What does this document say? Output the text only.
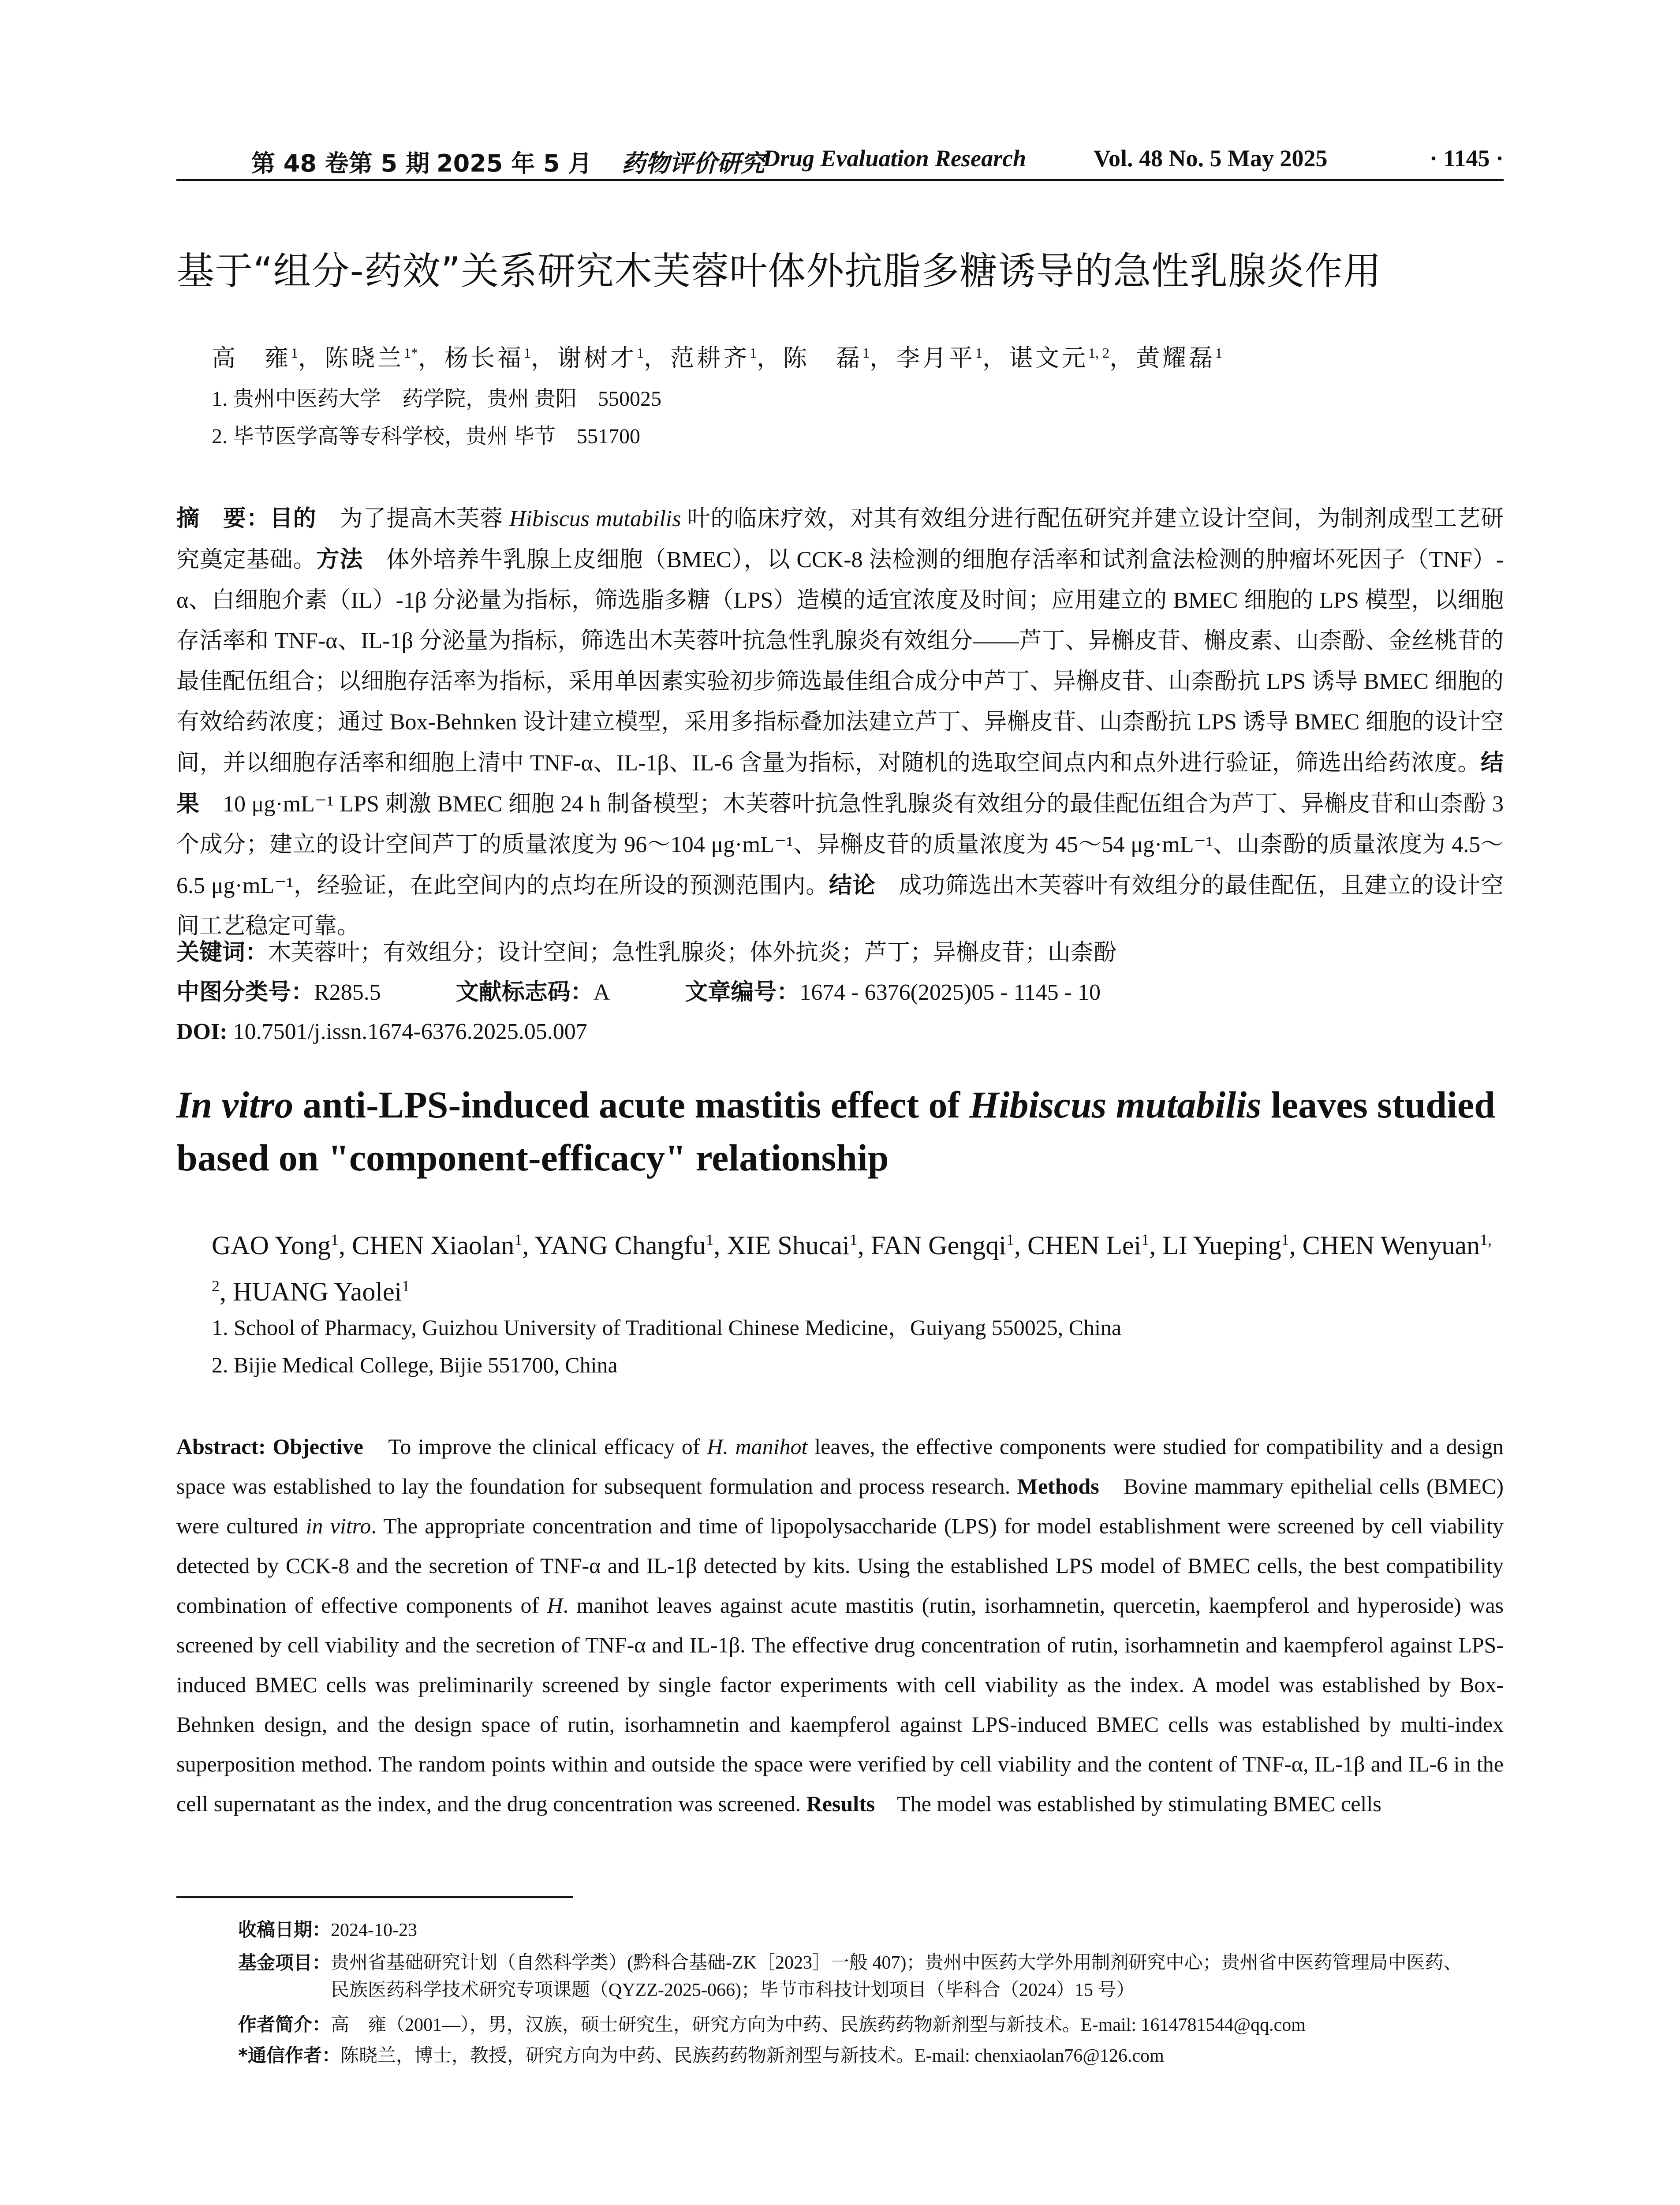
第 48 卷第 5 期 2025 年 5 月 药物评价研究
Drug Evaluation Research	Vol. 48 No. 5 May 2025	· 1145 ·
基于“组分-药效”关系研究木芙蓉叶体外抗脂多糖诱导的急性乳腺炎作用
高　雍$^1$，陈晓兰$^{1*}$，杨长福$^1$，谢树才$^1$，范耕齐$^1$，陈　磊$^1$，李月平$^1$，谌文元$^{1, 2}$，黄耀磊$^1$
1. 贵州中医药大学　药学院，贵州 贵阳　550025
2. 毕节医学高等专科学校，贵州 毕节　551700
摘　要：目的　为了提高木芙蓉 Hibiscus mutabilis 叶的临床疗效，对其有效组分进行配伍研究并建立设计空间，为制剂成型工艺研究奠定基础。方法　体外培养牛乳腺上皮细胞（BMEC），以 CCK-8 法检测的细胞存活率和试剂盒法检测的肿瘤坏死因子（TNF）-α、白细胞介素（IL）-1β 分泌量为指标，筛选脂多糖（LPS）造模的适宜浓度及时间；应用建立的 BMEC 细胞的 LPS 模型，以细胞存活率和 TNF-α、IL-1β 分泌量为指标，筛选出木芙蓉叶抗急性乳腺炎有效组分——芦丁、异槲皮苷、槲皮素、山柰酚、金丝桃苷的最佳配伍组合；以细胞存活率为指标，采用单因素实验初步筛选最佳组合成分中芦丁、异槲皮苷、山柰酚抗 LPS 诱导 BMEC 细胞的有效给药浓度；通过 Box-Behnken 设计建立模型，采用多指标叠加法建立芦丁、异槲皮苷、山柰酚抗 LPS 诱导 BMEC 细胞的设计空间，并以细胞存活率和细胞上清中 TNF-α、IL-1β、IL-6 含量为指标，对随机的选取空间点内和点外进行验证，筛选出给药浓度。结果　10 μg·mL⁻¹ LPS 刺激 BMEC 细胞 24 h 制备模型；木芙蓉叶抗急性乳腺炎有效组分的最佳配伍组合为芦丁、异槲皮苷和山柰酚 3 个成分；建立的设计空间芦丁的质量浓度为 96～104 μg·mL⁻¹、异槲皮苷的质量浓度为 45～54 μg·mL⁻¹、山柰酚的质量浓度为 4.5～6.5 μg·mL⁻¹，经验证，在此空间内的点均在所设的预测范围内。结论　成功筛选出木芙蓉叶有效组分的最佳配伍，且建立的设计空间工艺稳定可靠。
关键词：木芙蓉叶；有效组分；设计空间；急性乳腺炎；体外抗炎；芦丁；异槲皮苷；山柰酚
中图分类号：R285.5	文献标志码：A	文章编号：1674 - 6376(2025)05 - 1145 - 10
DOI: 10.7501/j.issn.1674-6376.2025.05.007
In vitro anti-LPS-induced acute mastitis effect of Hibiscus mutabilis leaves studied based on "component-efficacy" relationship
GAO Yong$^1$, CHEN Xiaolan$^1$, YANG Changfu$^1$, XIE Shucai$^1$, FAN Gengqi$^1$, CHEN Lei$^1$, LI Yueping$^1$, CHEN Wenyuan$^{1, 2}$, HUANG Yaolei$^1$
1. School of Pharmacy, Guizhou University of Traditional Chinese Medicine，Guiyang 550025, China
2. Bijie Medical College, Bijie 551700, China
Abstract: Objective　To improve the clinical efficacy of H. manihot leaves, the effective components were studied for compatibility and a design space was established to lay the foundation for subsequent formulation and process research. Methods　Bovine mammary epithelial cells (BMEC) were cultured in vitro. The appropriate concentration and time of lipopolysaccharide (LPS) for model establishment were screened by cell viability detected by CCK-8 and the secretion of TNF-α and IL-1β detected by kits. Using the established LPS model of BMEC cells, the best compatibility combination of effective components of H. manihot leaves against acute mastitis (rutin, isorhamnetin, quercetin, kaempferol and hyperoside) was screened by cell viability and the secretion of TNF-α and IL-1β. The effective drug concentration of rutin, isorhamnetin and kaempferol against LPS-induced BMEC cells was preliminarily screened by single factor experiments with cell viability as the index. A model was established by Box-Behnken design, and the design space of rutin, isorhamnetin and kaempferol against LPS-induced BMEC cells was established by multi-index superposition method. The random points within and outside the space were verified by cell viability and the content of TNF-α, IL-1β and IL-6 in the cell supernatant as the index, and the drug concentration was screened. Results　The model was established by stimulating BMEC cells
收稿日期：2024-10-23
基金项目：贵州省基础研究计划（自然科学类）(黔科合基础-ZK［2023］一般 407)；贵州中医药大学外用制剂研究中心；贵州省中医药管理局中医药、民族医药科学技术研究专项课题（QYZZ-2025-066)；毕节市科技计划项目（毕科合（2024）15 号）
作者简介：高　雍（2001—），男，汉族，硕士研究生，研究方向为中药、民族药药物新剂型与新技术。E-mail: 1614781544@qq.com
*通信作者：陈晓兰，博士，教授，研究方向为中药、民族药药物新剂型与新技术。E-mail: chenxiaolan76@126.com
